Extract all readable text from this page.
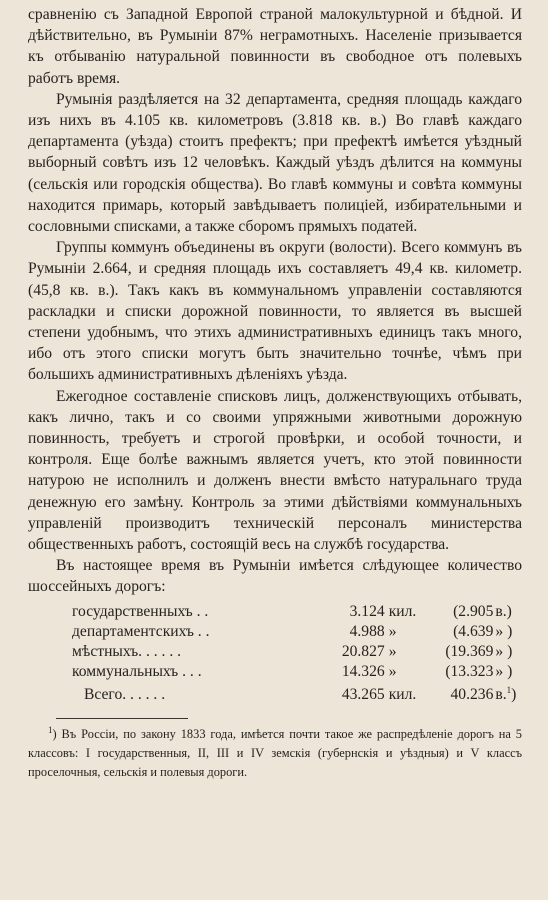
сравненію съ Западной Европой страной малокультурной и бѣдной. И дѣйствительно, въ Румыніи 87% неграмотныхъ. Населеніе призывается къ отбыванію натуральной повинности въ свободное отъ полевыхъ работъ время.

Румынія раздѣляется на 32 департамента, средняя площадь каждаго изъ нихъ въ 4.105 кв. километровъ (3.818 кв. в.) Во главѣ каждаго департамента (уѣзда) стоитъ префектъ; при префектѣ имѣется уѣздный выборный совѣтъ изъ 12 человѣкъ. Каждый уѣздъ дѣлится на коммуны (сельскія или городскія общества). Во главѣ коммуны и совѣта коммуны находится примарь, который завѣдываетъ полиціей, избирательными и сословными списками, а также сборомъ прямыхъ податей.

Группы коммунъ объединены въ округи (волости). Всего коммунъ въ Румыніи 2.664, и средняя площадь ихъ составляетъ 49,4 кв. километр. (45,8 кв. в.). Такъ какъ въ коммунальномъ управленіи составляются раскладки и списки дорожной повинности, то является въ высшей степени удобнымъ, что этихъ административныхъ единицъ такъ много, ибо отъ этого списки могутъ быть значительно точнѣе, чѣмъ при большихъ административныхъ дѣленіяхъ уѣзда.

Ежегодное составленіе списковъ лицъ, долженствующихъ отбывать, какъ лично, такъ и со своими упряжными животными дорожную повинность, требуетъ и строгой провѣрки, и особой точности, и контроля. Еще болѣе важнымъ является учетъ, кто этой повинности натурою не исполнилъ и долженъ внести вмѣсто натуральнаго труда денежную его замѣну. Контроль за этими дѣйствіями коммунальныхъ управленій производитъ техническій персоналъ министерства общественныхъ работъ, состоящій весь на службѣ государства.

Въ настоящее время въ Румыніи имѣется слѣдующее количество шоссейныхъ дорогъ:

государственныхъ . .	3.124	кил.	(2.905	в.)
департаментскихъ . .	4.988	»	(4.639	» )
мѣстныхъ. . . . . .	20.827	»	(19.369	» )
коммунальныхъ . . .	14.326	»	(13.323	» )
Всего. . . . . .	43.265	кил.	40.236	в.$^1$)

$^1$) Въ Россіи, по закону 1833 года, имѣется почти такое же распредѣленіе дорогъ на 5 классовъ: I государственныя, II, III и IV земскія (губернскія и уѣздныя) и V классъ проселочныя, сельскія и полевыя дороги.
